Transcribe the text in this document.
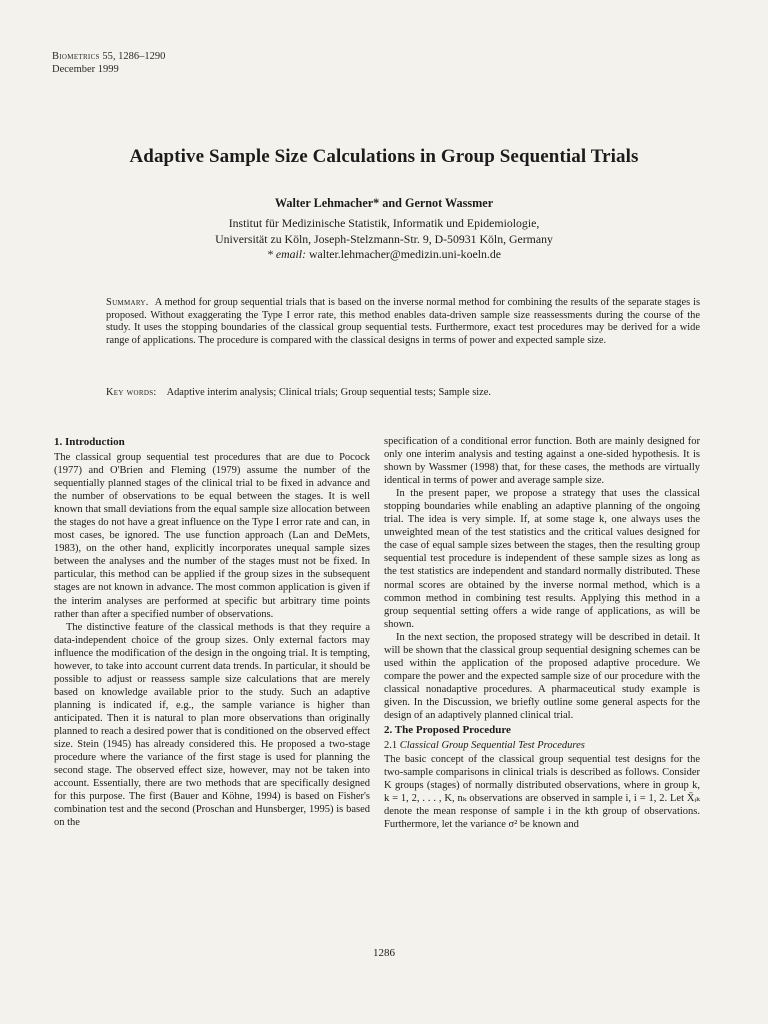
Biometrics 55, 1286–1290
December 1999
Adaptive Sample Size Calculations in Group Sequential Trials
Walter Lehmacher* and Gernot Wassmer
Institut für Medizinische Statistik, Informatik und Epidemiologie,
Universität zu Köln, Joseph-Stelzmann-Str. 9, D-50931 Köln, Germany
* email: walter.lehmacher@medizin.uni-koeln.de
Summary. A method for group sequential trials that is based on the inverse normal method for combining the results of the separate stages is proposed. Without exaggerating the Type I error rate, this method enables data-driven sample size reassessments during the course of the study. It uses the stopping boundaries of the classical group sequential tests. Furthermore, exact test procedures may be derived for a wide range of applications. The procedure is compared with the classical designs in terms of power and expected sample size.
Key words: Adaptive interim analysis; Clinical trials; Group sequential tests; Sample size.
1. Introduction

The classical group sequential test procedures that are due to Pocock (1977) and O'Brien and Fleming (1979) assume the number of the sequentially planned stages of the clinical trial to be fixed in advance and the number of observations to be equal between the stages. It is well known that small deviations from the equal sample size allocation between the stages do not have a great influence on the Type I error rate and can, in most cases, be ignored. The use function approach (Lan and DeMets, 1983), on the other hand, explicitly incorporates unequal sample sizes between the analyses and the number of the stages must not be fixed. In particular, this method can be applied if the group sizes in the subsequent stages are not known in advance. The most common application is given if the interim analyses are performed at specific but arbitrary time points rather than after a specified number of observations.

The distinctive feature of the classical methods is that they require a data-independent choice of the group sizes. Only external factors may influence the modification of the design in the ongoing trial. It is tempting, however, to take into account current data trends. In particular, it should be possible to adjust or reassess sample size calculations that are merely based on knowledge available prior to the study. Such an adaptive planning is indicated if, e.g., the sample variance is higher than anticipated. Then it is natural to plan more observations than originally planned to reach a desired power that is conditioned on the observed effect size. Stein (1945) has already considered this. He proposed a two-stage procedure where the variance of the first stage is used for planning the second stage. The observed effect size, however, may not be taken into account. Essentially, there are two methods that are specifically designed for this purpose. The first (Bauer and Köhne, 1994) is based on Fisher's combination test and the second (Proschan and Hunsberger, 1995) is based on the

specification of a conditional error function. Both are mainly designed for only one interim analysis and testing against a one-sided hypothesis. It is shown by Wassmer (1998) that, for these cases, the methods are virtually identical in terms of power and average sample size.

In the present paper, we propose a strategy that uses the classical stopping boundaries while enabling an adaptive planning of the ongoing trial. The idea is very simple. If, at some stage k, one always uses the unweighted mean of the test statistics and the critical values designed for the case of equal sample sizes between the stages, then the resulting group sequential test procedure is independent of these sample sizes as long as the test statistics are independent and standard normally distributed. These normal scores are obtained by the inverse normal method, which is a common method in combining test results. Applying this method in a group sequential setting offers a wide range of applications, as will be shown.

In the next section, the proposed strategy will be described in detail. It will be shown that the classical group sequential designing schemes can be used within the application of the proposed adaptive procedure. We compare the power and the expected sample size of our procedure with the classical nonadaptive procedures. A pharmaceutical study example is given. In the Discussion, we briefly outline some general aspects for the design of an adaptively planned clinical trial.

2. The Proposed Procedure
2.1 Classical Group Sequential Test Procedures

The basic concept of the classical group sequential test designs for the two-sample comparisons in clinical trials is described as follows. Consider K groups (stages) of normally distributed observations, where in group k, k = 1, 2, . . . , K, nₖ observations are observed in sample i, i = 1, 2. Let X̄ᵢₖ denote the mean response of sample i in the kth group of observations. Furthermore, let the variance σ² be known and

1286
